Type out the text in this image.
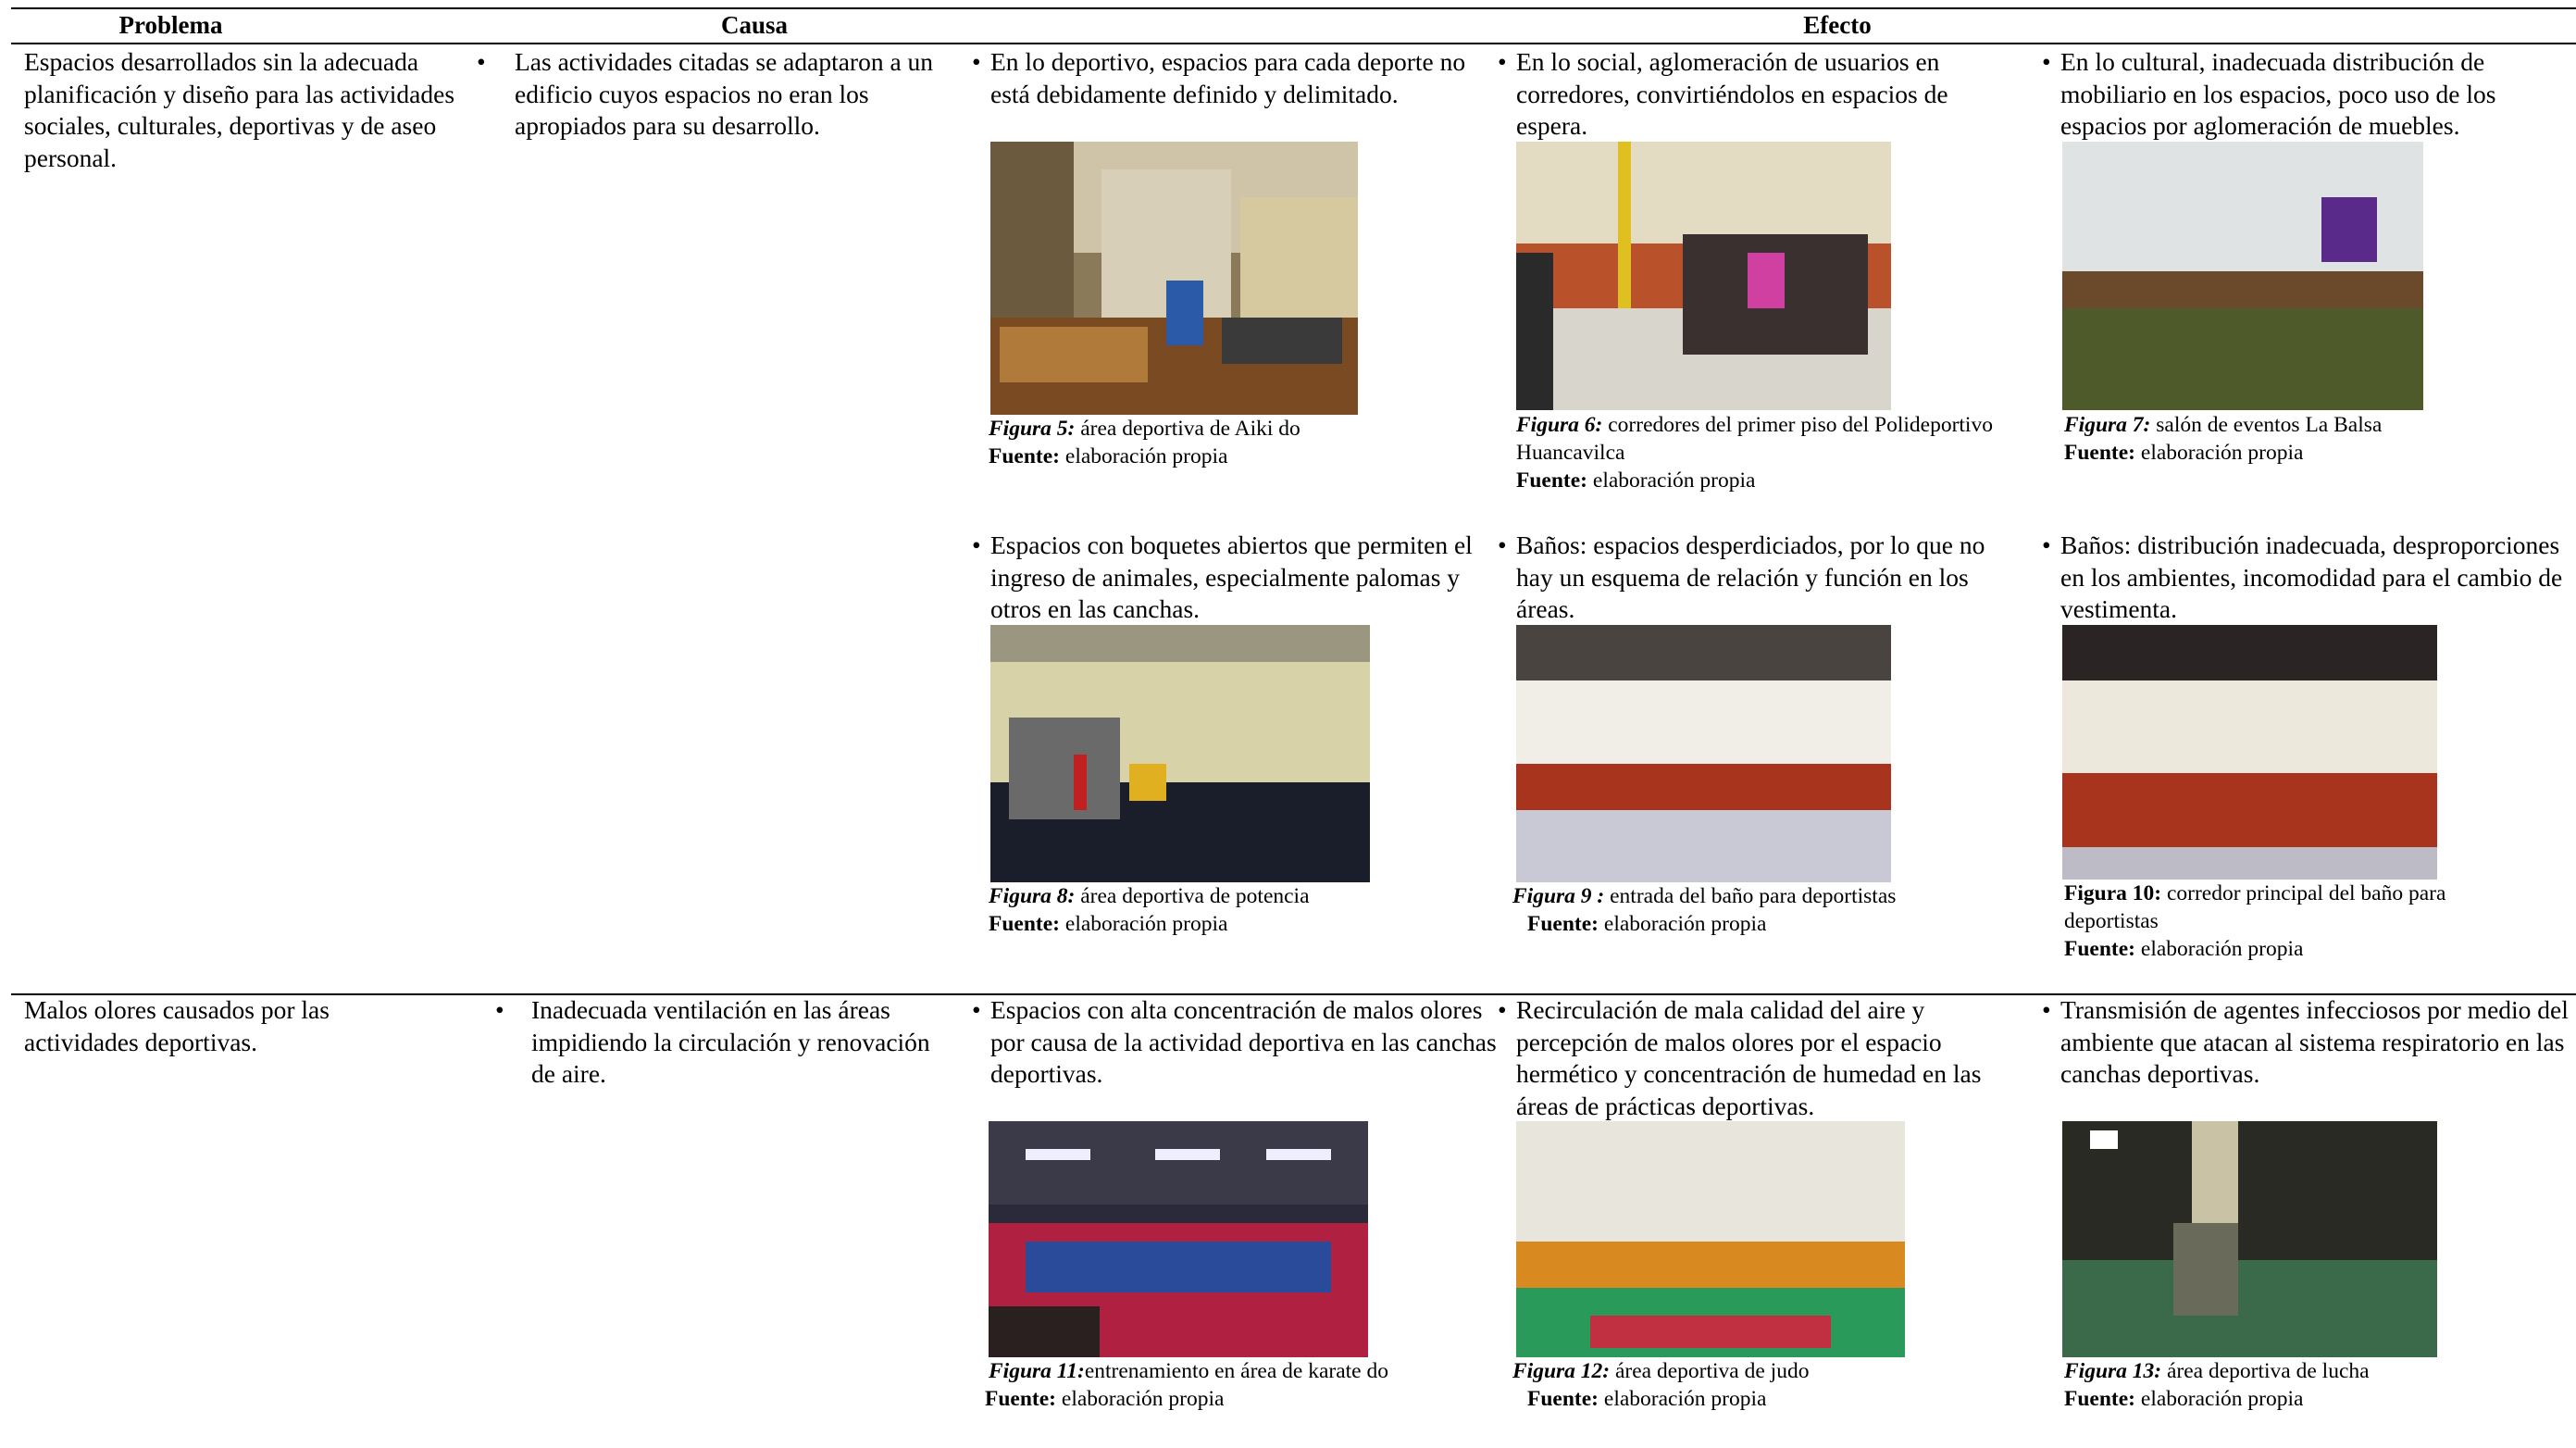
Problema	Causa	Efecto
Espacios desarrollados sin la adecuada planificación y diseño para las actividades sociales, culturales, deportivas y de aseo personal.
• Las actividades citadas se adaptaron a un edificio cuyos espacios no eran los apropiados para su desarrollo.
• En lo deportivo, espacios para cada deporte no está debidamente definido y delimitado.
Figura 5: área deportiva de Aiki do
Fuente: elaboración propia
• En lo social, aglomeración de usuarios en corredores, convirtiéndolos en espacios de espera.
Figura 6: corredores del primer piso del Polideportivo Huancavilca
Fuente: elaboración propia
• En lo cultural, inadecuada distribución de mobiliario en los espacios, poco uso de los espacios por aglomeración de muebles.
Figura 7: salón de eventos La Balsa
Fuente: elaboración propia
• Espacios con boquetes abiertos que permiten el ingreso de animales, especialmente palomas y otros en las canchas.
Figura 8: área deportiva de potencia
Fuente: elaboración propia
• Baños: espacios desperdiciados, por lo que no hay un esquema de relación y función en los áreas.
Figura 9 : entrada del baño para deportistas
Fuente: elaboración propia
• Baños: distribución inadecuada, desproporciones en los ambientes, incomodidad para el cambio de vestimenta.
Figura 10: corredor principal del baño para deportistas
Fuente: elaboración propia
Malos olores causados por las actividades deportivas.
• Inadecuada ventilación en las áreas impidiendo la circulación y renovación de aire.
• Espacios con alta concentración de malos olores por causa de la actividad deportiva en las canchas deportivas.
Figura 11:entrenamiento en área de karate do
Fuente: elaboración propia
• Recirculación de mala calidad del aire y percepción de malos olores por el espacio hermético y concentración de humedad en las áreas de prácticas deportivas.
Figura 12: área deportiva de judo
Fuente: elaboración propia
• Transmisión de agentes infecciosos por medio del ambiente que atacan al sistema respiratorio en las canchas deportivas.
Figura 13: área deportiva de lucha
Fuente: elaboración propia
